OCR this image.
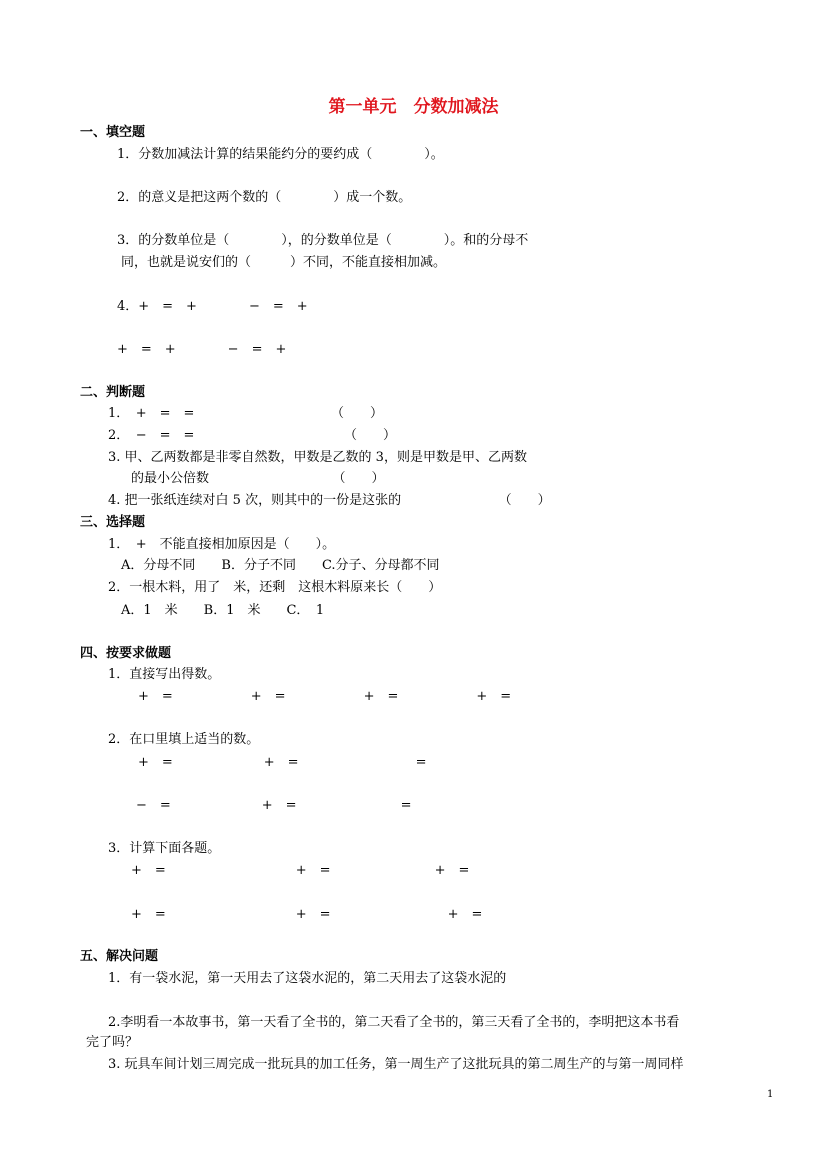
第一单元　分数加减法
一、填空题
1．分数加减法计算的结果能约分的要约成（　　　　）。
2．的意义是把这两个数的（　　　　）成一个数。
3．的分数单位是（　　　　），的分数单位是（　　　　）。和的分母不
同，也就是说安们的（　　　）不同，不能直接相加减。
4．+　=　+　　　　−　=　+
+　=　+　　　　−　=　+
二、判断题
1．　+　=　=　　　　　　　　　　　（　　）
2．　−　=　=　　　　　　　　　　　　（　　）
3. 甲、乙两数都是非零自然数，甲数是乙数的 3，则是甲数是甲、乙两数
的最小公倍数　　　　　　　　　　（　　）
4. 把一张纸连续对白 5 次，则其中的一份是这张的　　　　　　　　（　　）
三、选择题
1．　+　不能直接相加原因是（　　）。
A．分母不同　　B．分子不同　　C.分子、分母都不同
2．一根木料，用了　米，还剩　这根木料原来长（　　）
A．1　米　　B．1　米　　C．　1
四、按要求做题
1．直接写出得数。
+　=　　　　　　+　=　　　　　　+　=　　　　　　+　=
2．在口里填上适当的数。
+　=　　　　　　　+　=　　　　　　　　　=
−　=　　　　　　　+　=　　　　　　　　=
3．计算下面各题。
+　=　　　　　　　　　　+　=　　　　　　　　+　=
+　=　　　　　　　　　　+　=　　　　　　　　　+　=
五、解决问题
1．有一袋水泥，第一天用去了这袋水泥的，第二天用去了这袋水泥的
2.李明看一本故事书，第一天看了全书的，第二天看了全书的，第三天看了全书的，李明把这本书看
完了吗？
3. 玩具车间计划三周完成一批玩具的加工任务，第一周生产了这批玩具的第二周生产的与第一周同样
1
